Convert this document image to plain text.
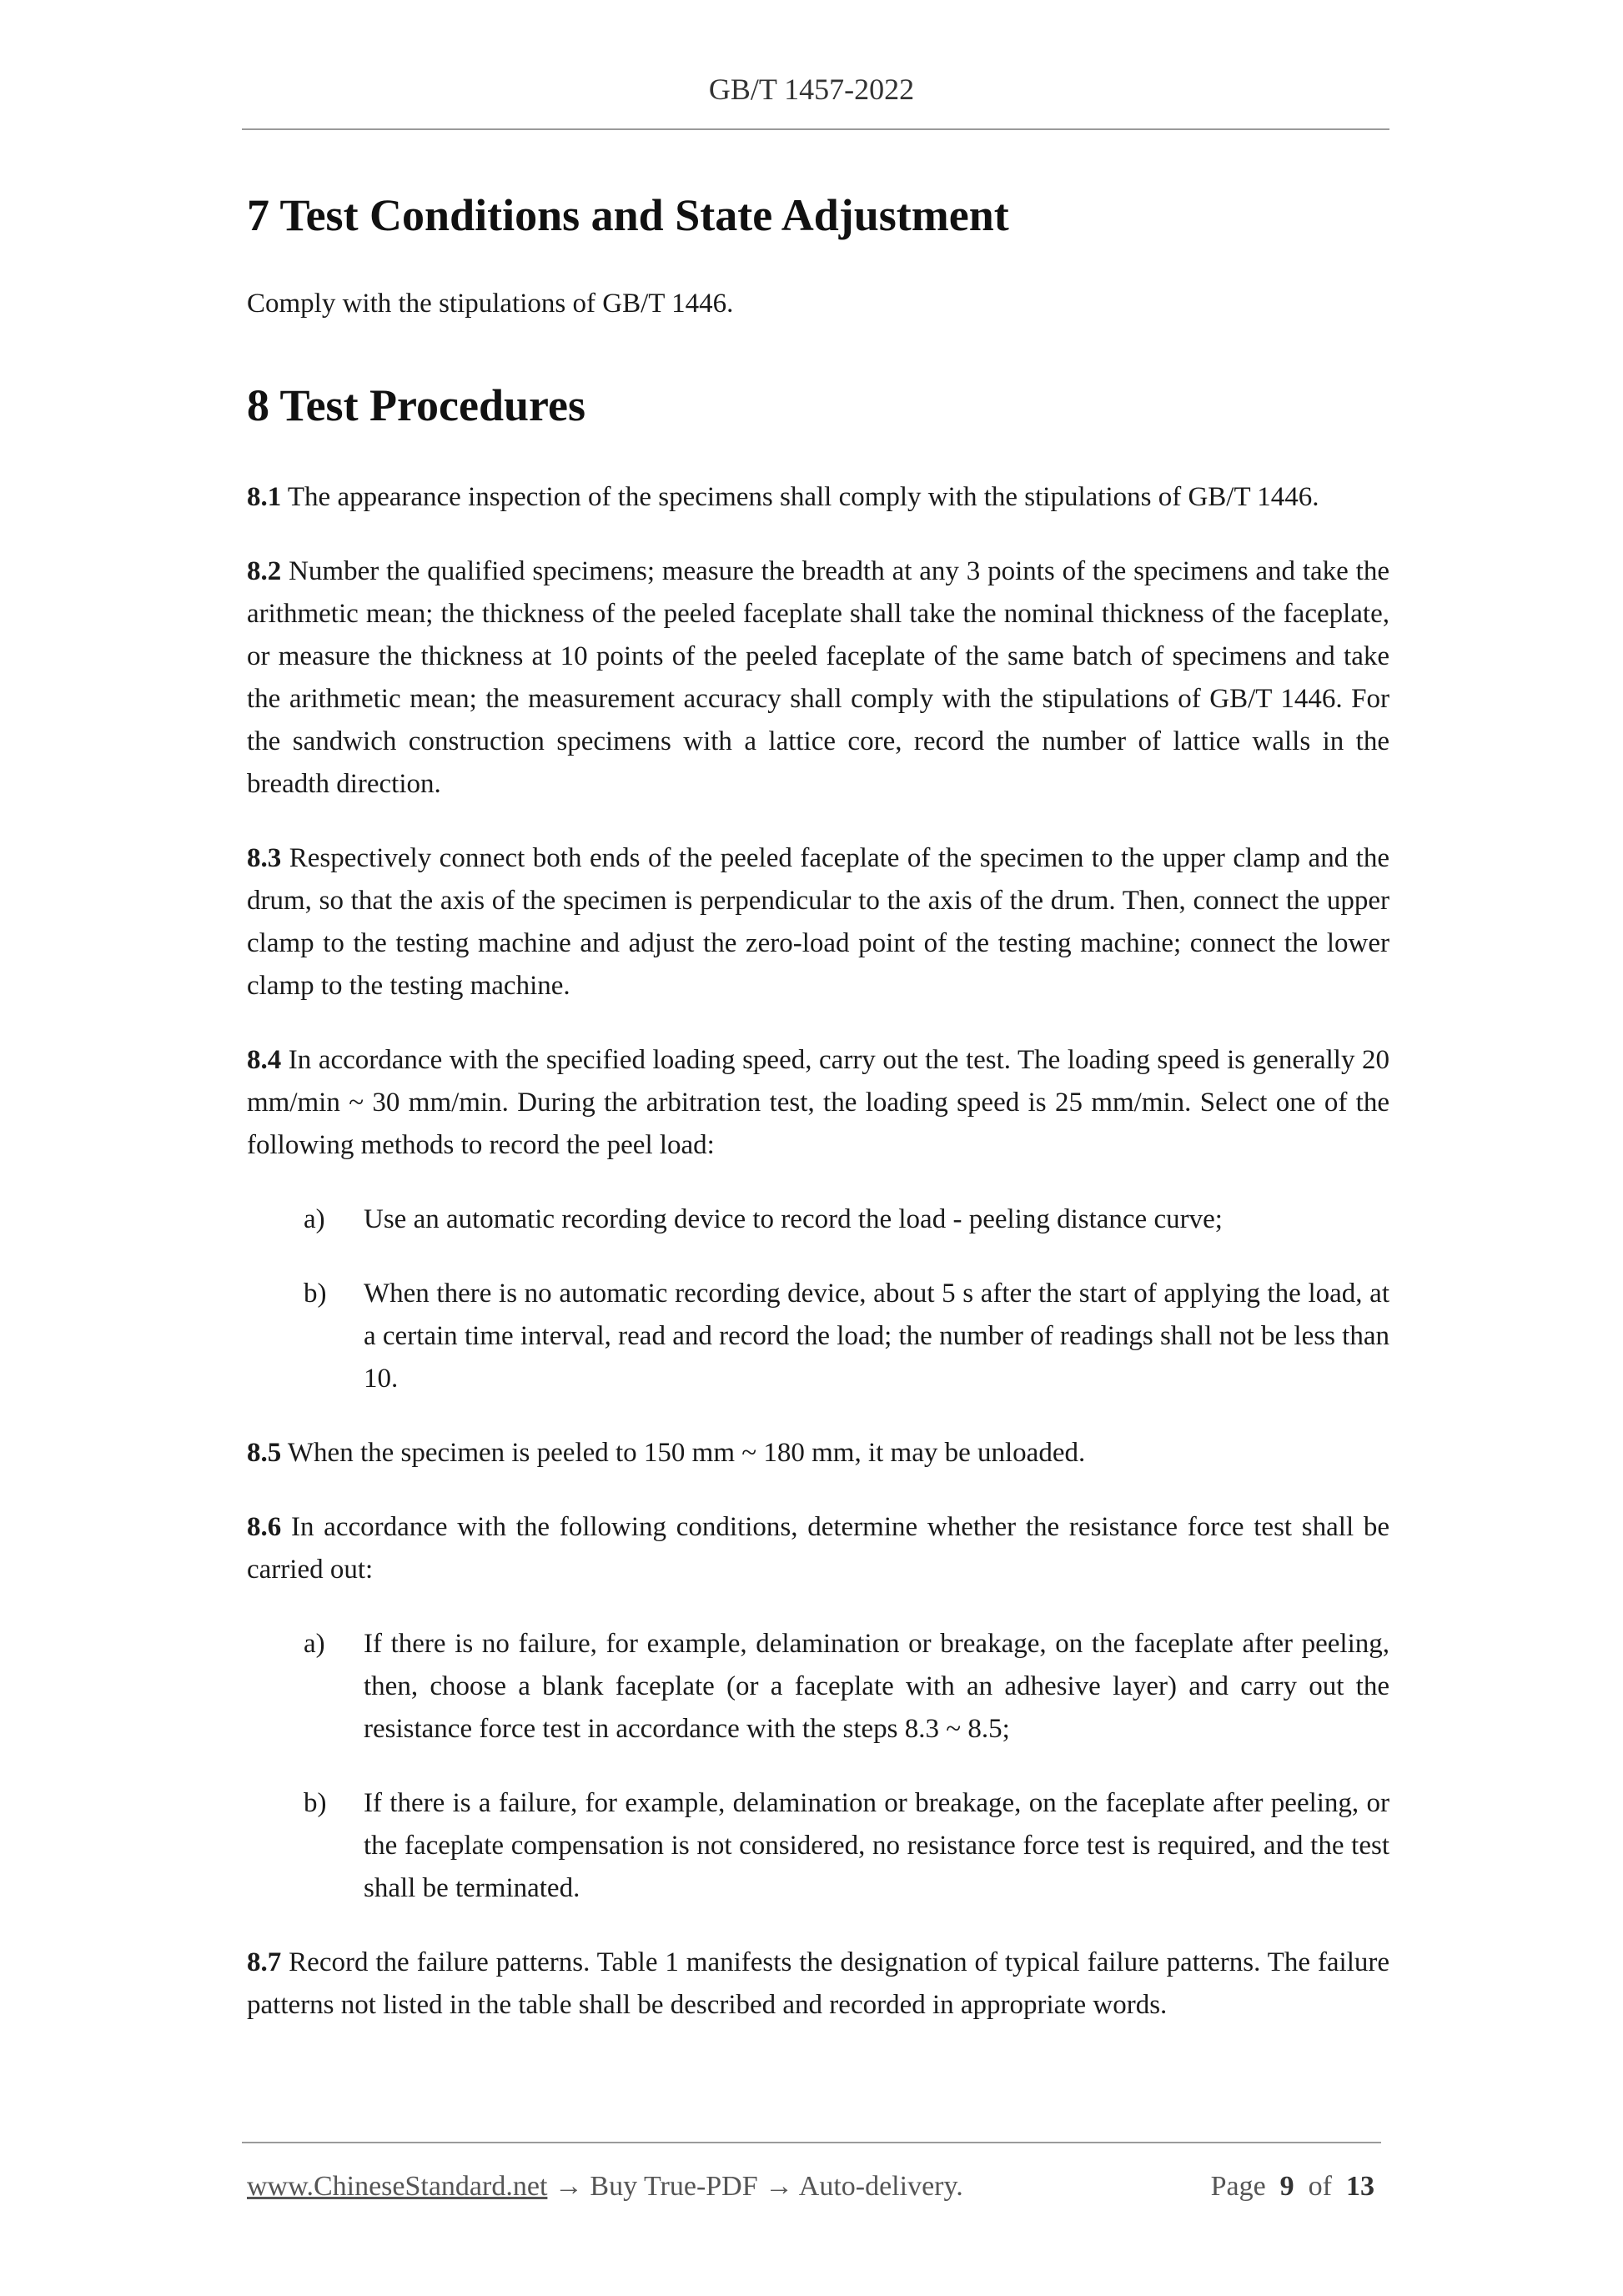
GB/T 1457-2022
7 Test Conditions and State Adjustment

Comply with the stipulations of GB/T 1446.

8 Test Procedures

8.1 The appearance inspection of the specimens shall comply with the stipulations of GB/T 1446.

8.2 Number the qualified specimens; measure the breadth at any 3 points of the specimens and take the arithmetic mean; the thickness of the peeled faceplate shall take the nominal thickness of the faceplate, or measure the thickness at 10 points of the peeled faceplate of the same batch of specimens and take the arithmetic mean; the measurement accuracy shall comply with the stipulations of GB/T 1446. For the sandwich construction specimens with a lattice core, record the number of lattice walls in the breadth direction.

8.3 Respectively connect both ends of the peeled faceplate of the specimen to the upper clamp and the drum, so that the axis of the specimen is perpendicular to the axis of the drum. Then, connect the upper clamp to the testing machine and adjust the zero-load point of the testing machine; connect the lower clamp to the testing machine.

8.4 In accordance with the specified loading speed, carry out the test. The loading speed is generally 20 mm/min ~ 30 mm/min. During the arbitration test, the loading speed is 25 mm/min. Select one of the following methods to record the peel load:

a) Use an automatic recording device to record the load - peeling distance curve;
b) When there is no automatic recording device, about 5 s after the start of applying the load, at a certain time interval, read and record the load; the number of readings shall not be less than 10.

8.5 When the specimen is peeled to 150 mm ~ 180 mm, it may be unloaded.

8.6 In accordance with the following conditions, determine whether the resistance force test shall be carried out:

a) If there is no failure, for example, delamination or breakage, on the faceplate after peeling, then, choose a blank faceplate (or a faceplate with an adhesive layer) and carry out the resistance force test in accordance with the steps 8.3 ~ 8.5;
b) If there is a failure, for example, delamination or breakage, on the faceplate after peeling, or the faceplate compensation is not considered, no resistance force test is required, and the test shall be terminated.

8.7 Record the failure patterns. Table 1 manifests the designation of typical failure patterns. The failure patterns not listed in the table shall be described and recorded in appropriate words.

www.ChineseStandard.net → Buy True-PDF → Auto-delivery.	Page 9 of 13
